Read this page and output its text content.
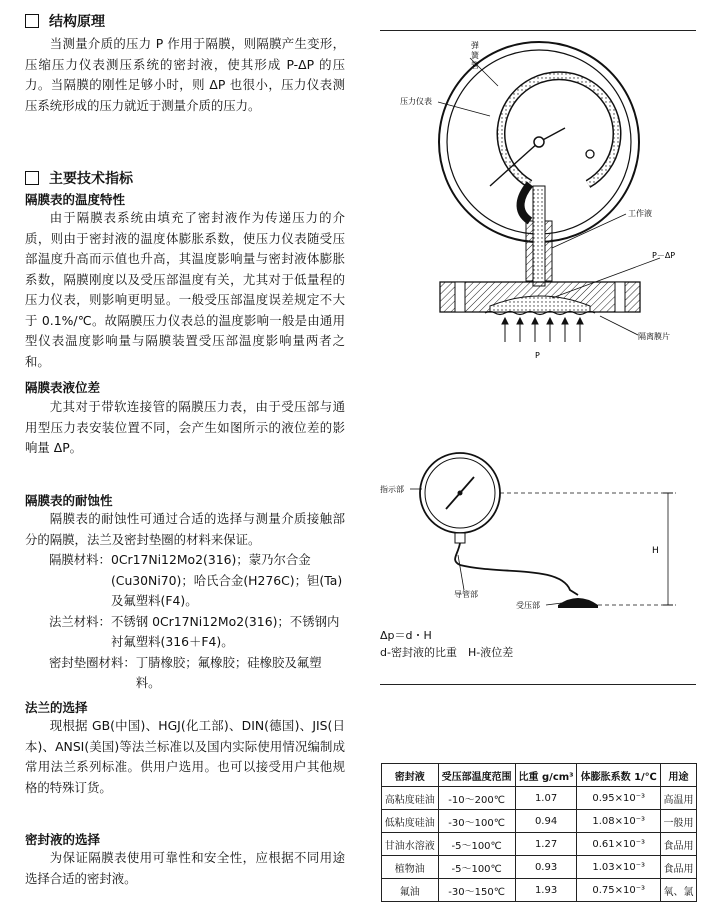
结构原理

当测量介质的压力 P 作用于隔膜，则隔膜产生变形，压缩压力仪表测压系统的密封液，使其形成 P-ΔP 的压力。当隔膜的刚性足够小时，则 ΔP 也很小，压力仪表测压系统形成的压力就近于测量介质的压力。

主要技术指标
隔膜表的温度特性

由于隔膜表系统由填充了密封液作为传递压力的介质，则由于密封液的温度体膨胀系数，使压力仪表随受压部温度升高而示值也升高，其温度影响量与密封液体膨胀系数，隔膜刚度以及受压部温度有关，尤其对于低量程的压力仪表，则影响更明显。一般受压部温度误差规定不大于 0.1%/℃。故隔膜压力仪表总的温度影响一般是由通用型仪表温度影响量与隔膜装置受压部温度影响量两者之和。

隔膜表液位差

尤其对于带软连接管的隔膜压力表，由于受压部与通用型压力表安装位置不同，会产生如图所示的液位差的影响量 ΔP。

隔膜表的耐蚀性

隔膜表的耐蚀性可通过合适的选择与测量介质接触部分的隔膜，法兰及密封垫圈的材料来保证。

隔膜材料： 0Cr17Ni12Mo2(316)；蒙乃尔合金(Cu30Ni70)；哈氏合金(H276C)；钽(Ta)及氟塑料(F4)。
法兰材料： 不锈钢 0Cr17Ni12Mo2(316)；不锈钢内衬氟塑料(316＋F4)。
密封垫圈材料： 丁腈橡胶；氟橡胶；硅橡胶及氟塑料。
法兰的选择

现根据 GB(中国)、HGJ(化工部)、DIN(德国)、JIS(日本)、ANSI(美国)等法兰标准以及国内实际使用情况编制成常用法兰系列标准。供用户选用。也可以接受用户其他规格的特殊订货。

密封液的选择

为保证隔膜表使用可靠性和安全性，应根据不同用途选择合适的密封液。

弹
簧
管
压力仪表
工作液
P－ΔP
隔离膜片
P
指示部
导管部
受压部
H
Δp＝d・H
d-密封液的比重　H-液位差
密封液	受压部温度范围	比重 g/cm³	体膨胀系数 1/℃	用途
高粘度硅油	-10～200℃	1.07	0.95×10⁻³	高温用
低粘度硅油	-30～100℃	0.94	1.08×10⁻³	一般用
甘油水溶液	-5～100℃	1.27	0.61×10⁻³	食品用
植物油	-5～100℃	0.93	1.03×10⁻³	食品用
氟油	-30～150℃	1.93	0.75×10⁻³	氧、氯
